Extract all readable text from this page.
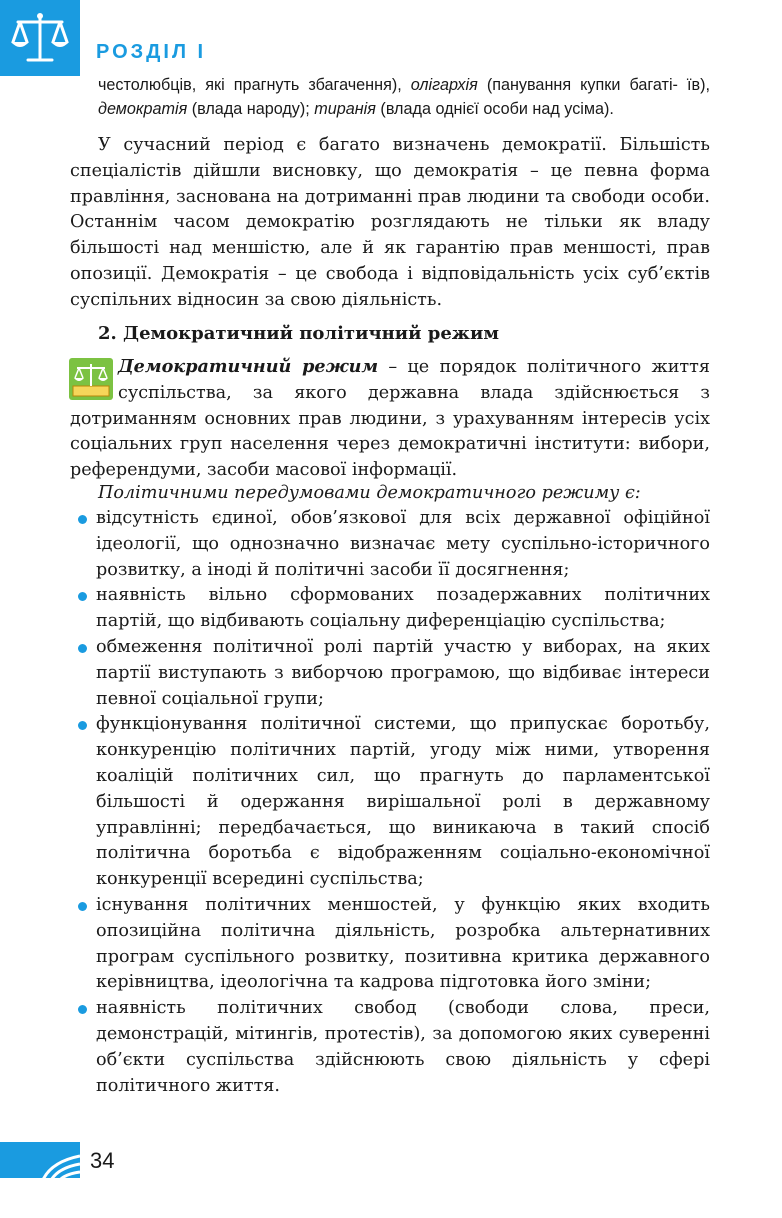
РОЗДІЛ І
честолюбців, які прагнуть збагачення), олігархія (панування купки багаті- їв), демократія (влада народу); тиранія (влада однієї особи над усіма).
У сучасний період є багато визначень демократії. Більшість спеціалістів дійшли висновку, що демократія – це певна форма правління, заснована на дотриманні прав людини та свободи особи. Останнім часом демократію розглядають не тільки як владу більшості над меншістю, але й як гарантію прав меншості, прав опозиції. Демократія – це свобода і відповідальність усіх суб’єктів суспільних відносин за свою діяльність.
2. Демократичний політичний режим
Демократичний режим – це порядок політичного життя суспільства, за якого державна влада здійснюється з дотриманням основних прав людини, з урахуванням інтересів усіх соціальних груп населення через демократичні інститути: вибори, референдуми, засоби масової інформації.
Політичними передумовами демократичного режиму є:
відсутність єдиної, обов’язкової для всіх державної офіційної ідеології, що однозначно визначає мету суспільно-історичного розвитку, а іноді й політичні засоби її досягнення;
наявність вільно сформованих позадержавних політичних партій, що відбивають соціальну диференціацію суспільства;
обмеження політичної ролі партій участю у виборах, на яких партії виступають з виборчою програмою, що відбиває інтереси певної соціальної групи;
функціонування політичної системи, що припускає боротьбу, конкуренцію політичних партій, угоду між ними, утворення коаліцій політичних сил, що прагнуть до парламентської більшості й одержання вирішальної ролі в державному управлінні; передбачається, що виникаюча в такий спосіб політична боротьба є відображенням соціально-економічної конкуренції всередині суспільства;
існування політичних меншостей, у функцію яких входить опозиційна політична діяльність, розробка альтернативних програм суспільного розвитку, позитивна критика державного керівництва, ідеологічна та кадрова підготовка його зміни;
наявність політичних свобод (свободи слова, преси, демонстрацій, мітингів, протестів), за допомогою яких суверенні об’єкти суспільства здійснюють свою діяльність у сфері політичного життя.
34
